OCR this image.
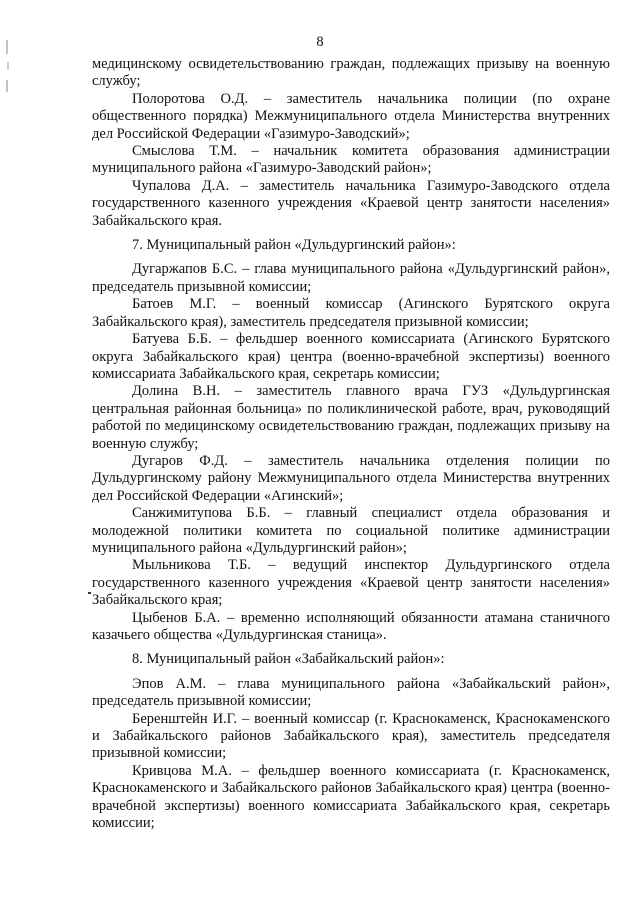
8

медицинскому освидетельствованию граждан, подлежащих призыву на военную службу;

Полоротова О.Д. – заместитель начальника полиции (по охране общественного порядка) Межмуниципального отдела Министерства внутренних дел Российской Федерации «Газимуро-Заводский»;

Смыслова Т.М. – начальник комитета образования администрации муниципального района «Газимуро-Заводский район»;

Чупалова Д.А. – заместитель начальника Газимуро-Заводского отдела государственного казенного учреждения «Краевой центр занятости населения» Забайкальского края.

7. Муниципальный район «Дульдургинский район»:

Дугаржапов Б.С. – глава муниципального района «Дульдургинский район», председатель призывной комиссии;

Батоев М.Г. – военный комиссар (Агинского Бурятского округа Забайкальского края), заместитель председателя призывной комиссии;

Батуева Б.Б. – фельдшер военного комиссариата (Агинского Бурятского округа Забайкальского края) центра (военно-врачебной экспертизы) военного комиссариата Забайкальского края, секретарь комиссии;

Долина В.Н. – заместитель главного врача ГУЗ «Дульдургинская центральная районная больница» по поликлинической работе, врач, руководящий работой по медицинскому освидетельствованию граждан, подлежащих призыву на военную службу;

Дугаров Ф.Д. – заместитель начальника отделения полиции по Дульдургинскому району Межмуниципального отдела Министерства внутренних дел Российской Федерации «Агинский»;

Санжимитупова Б.Б. – главный специалист отдела образования и молодежной политики комитета по социальной политике администрации муниципального района «Дульдургинский район»;

Мыльникова Т.Б. – ведущий инспектор Дульдургинского отдела государственного казенного учреждения «Краевой центр занятости населения» Забайкальского края;

Цыбенов Б.А. – временно исполняющий обязанности атамана станичного казачьего общества «Дульдургинская станица».

8. Муниципальный район «Забайкальский район»:

Эпов А.М. – глава муниципального района «Забайкальский район», председатель призывной комиссии;

Беренштейн И.Г. – военный комиссар (г. Краснокаменск, Краснокаменского и Забайкальского районов Забайкальского края), заместитель председателя призывной комиссии;

Кривцова М.А. – фельдшер военного комиссариата (г. Краснокаменск, Краснокаменского и Забайкальского районов Забайкальского края) центра (военно-врачебной экспертизы) военного комиссариата Забайкальского края, секретарь комиссии;
